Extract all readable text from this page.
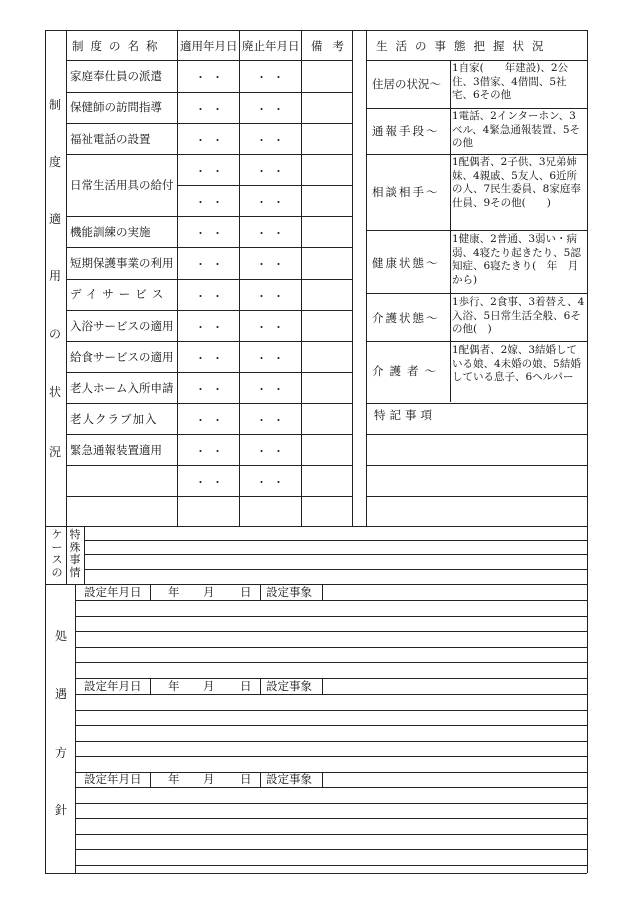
制度の名称 適用年月日 廃止年月日 備考
制
度
適
用
の
状
況
家庭奉仕員の派遣
保健師の訪問指導
福祉電話の設置
日常生活用具の給付
機能訓練の実施
短期保護事業の利用
デイサービス
入浴サービスの適用
給食サービスの適用
老人ホーム入所申請
老人クラブ加入
緊急通報装置適用
・・ ・・
・・ ・・
・・ ・・
・・ ・・
・・ ・・
・・ ・・
・・ ・・
・・ ・・
・・ ・・
・・ ・・
・・ ・・
・・ ・・
・・ ・・
・・ ・・
生活の事態把握状況
住居の状況〜
1自家(　　年建設)、2公住、3借家、4借間、5社宅、6その他
通報手段〜
1電話、2インターホン、3ベル、4緊急通報装置、5その他
相談相手〜
1配偶者、2子供、3兄弟姉妹、4親戚、5友人、6近所の人、7民生委員、8家庭奉仕員、9その他(　　)
健康状態〜
1健康、2普通、3弱い・病弱、4寝たり起きたり、5認知症、6寝たきり(　年　月から)
介護状態〜
1歩行、2食事、3着替え、4入浴、5日常生活全般、6その他(　)
介護者〜
1配偶者、2嫁、3結婚している娘、4未婚の娘、5結婚している息子、6ヘルパー
特記事項
ケ
ー
ス
の
特
殊
事
情
処
遇
方
針
設定年月日 年 月 日 設定事象
設定年月日 年 月 日 設定事象
設定年月日 年 月 日 設定事象
